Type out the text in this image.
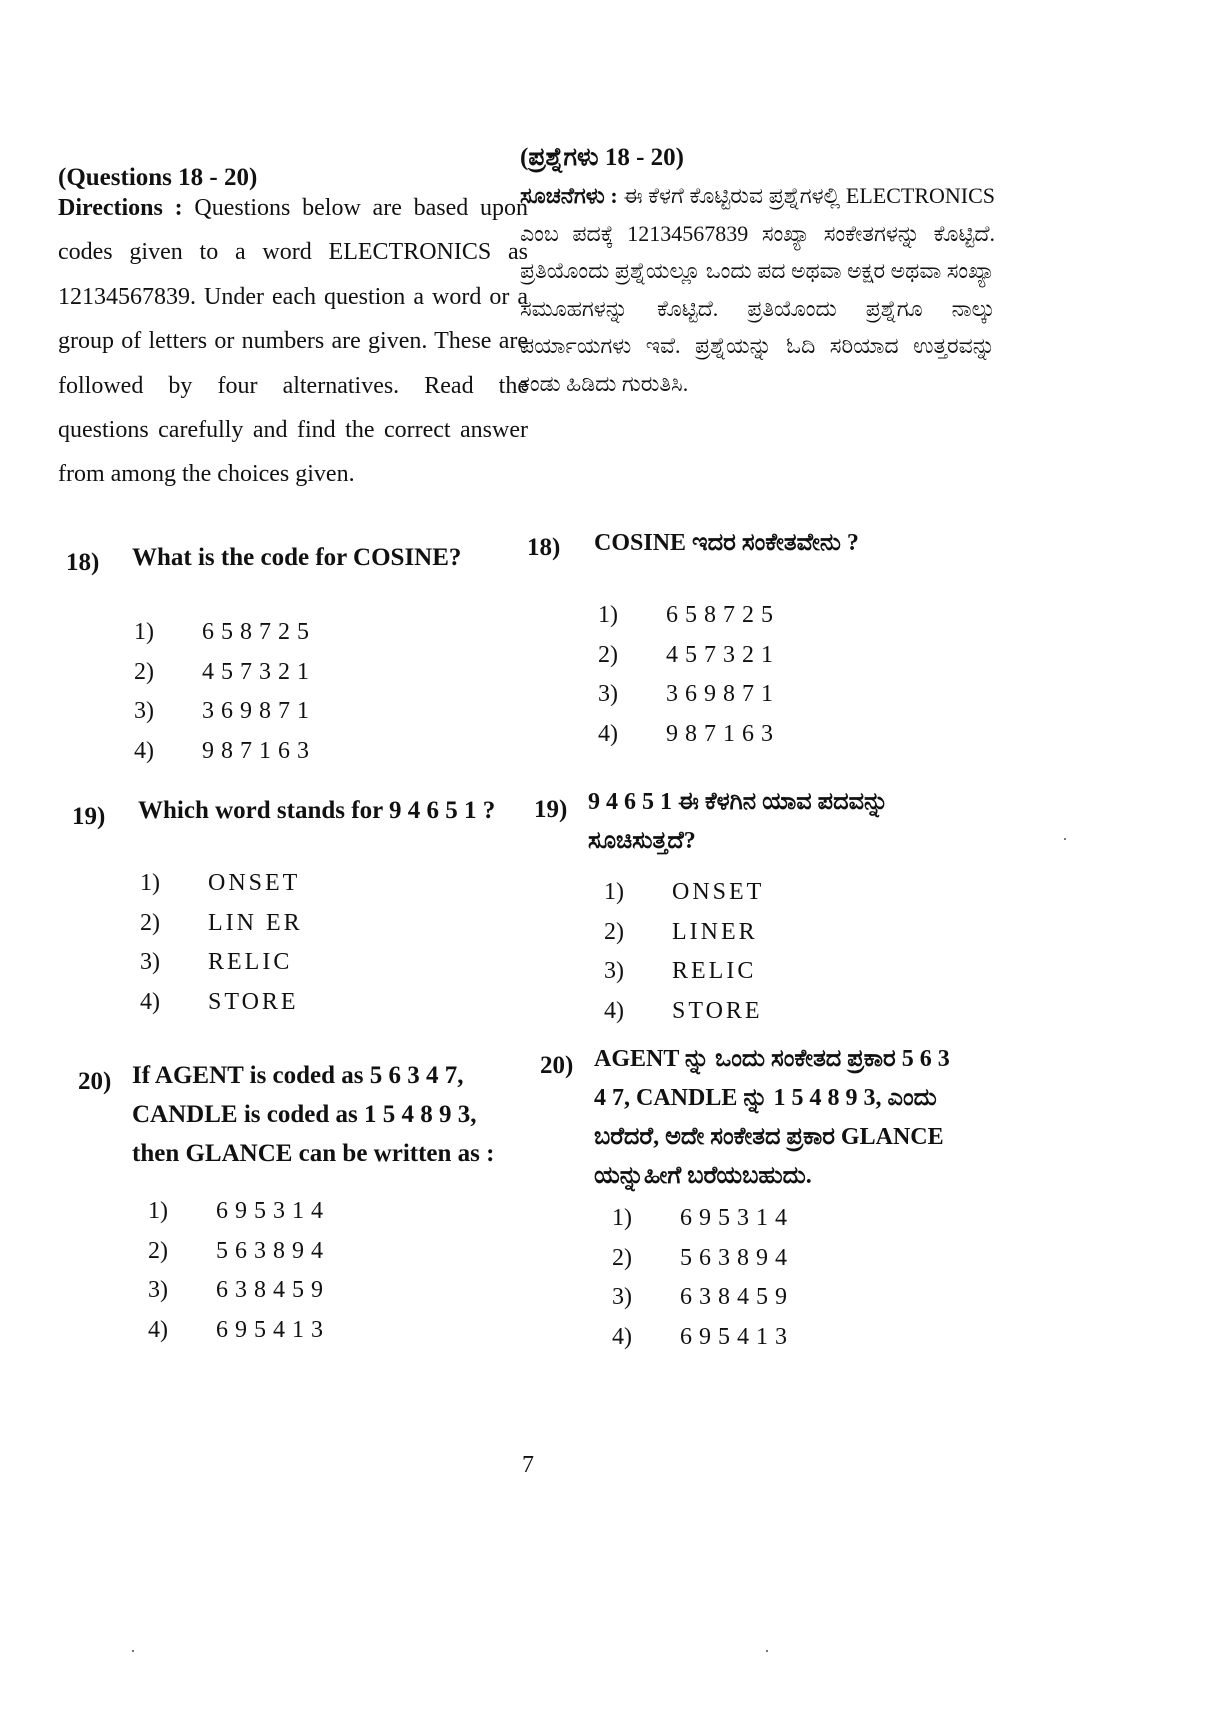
(Questions 18 - 20)
Directions : Questions below are based upon codes given to a word ELECTRONICS as 12134567839. Under each question a word or a group of letters or numbers are given. These are followed by four alternatives. Read the questions carefully and find the correct answer from among the choices given.
18) What is the code for COSINE?
1) 658725
2) 457321
3) 369871
4) 987163
19) Which word stands for 9 4 6 5 1 ?
1) ONSET
2) LIN ER
3) RELIC
4) STORE
20) If AGENT is coded as 5 6 3 4 7, CANDLE is coded as 1 5 4 8 9 3, then GLANCE can be written as :
1) 695314
2) 563894
3) 638459
4) 695413
(ಪ್ರಶ್ನೆಗಳು 18 - 20)
ಸೂಚನೆಗಳು : ಈ ಕೆಳಗೆ ಕೊಟ್ಟಿರುವ ಪ್ರಶ್ನೆಗಳಲ್ಲಿ ELECTRONICS ಎಂಬ ಪದಕ್ಕೆ 12134567839 ಸಂಖ್ಯಾ ಸಂಕೇತಗಳನ್ನು ಕೊಟ್ಟಿದೆ. ಪ್ರತಿಯೊಂದು ಪ್ರಶ್ನೆಯಲ್ಲೂ ಒಂದು ಪದ ಅಥವಾ ಅಕ್ಷರ ಅಥವಾ ಸಂಖ್ಯಾ ಸಮೂಹಗಳನ್ನು ಕೊಟ್ಟಿದೆ. ಪ್ರತಿಯೊಂದು ಪ್ರಶ್ನೆಗೂ ನಾಲ್ಕು ಪರ್ಯಾಯಗಳು ಇವೆ. ಪ್ರಶ್ನೆಯನ್ನು ಓದಿ ಸರಿಯಾದ ಉತ್ತರವನ್ನು ಕಂಡು ಹಿಡಿದು ಗುರುತಿಸಿ.
18) COSINE ಇದರ ಸಂಕೇತವೇನು ?
1) 658725
2) 457321
3) 369871
4) 987163
19) 9 4 6 5 1 ಈ ಕೆಳಗಿನ ಯಾವ ಪದವನ್ನು ಸೂಚಿಸುತ್ತದೆ?
1) ONSET
2) LINER
3) RELIC
4) STORE
20) AGENT ನ್ನು ಒಂದು ಸಂಕೇತದ ಪ್ರಕಾರ 5 6 3 4 7, CANDLE ನ್ನು 1 5 4 8 9 3, ಎಂದು ಬರೆದರೆ, ಅದೇ ಸಂಕೇತದ ಪ್ರಕಾರ GLANCE ಯನ್ನುಹೀಗೆ ಬರೆಯಬಹುದು.
1) 695314
2) 563894
3) 638459
4) 695413
7
